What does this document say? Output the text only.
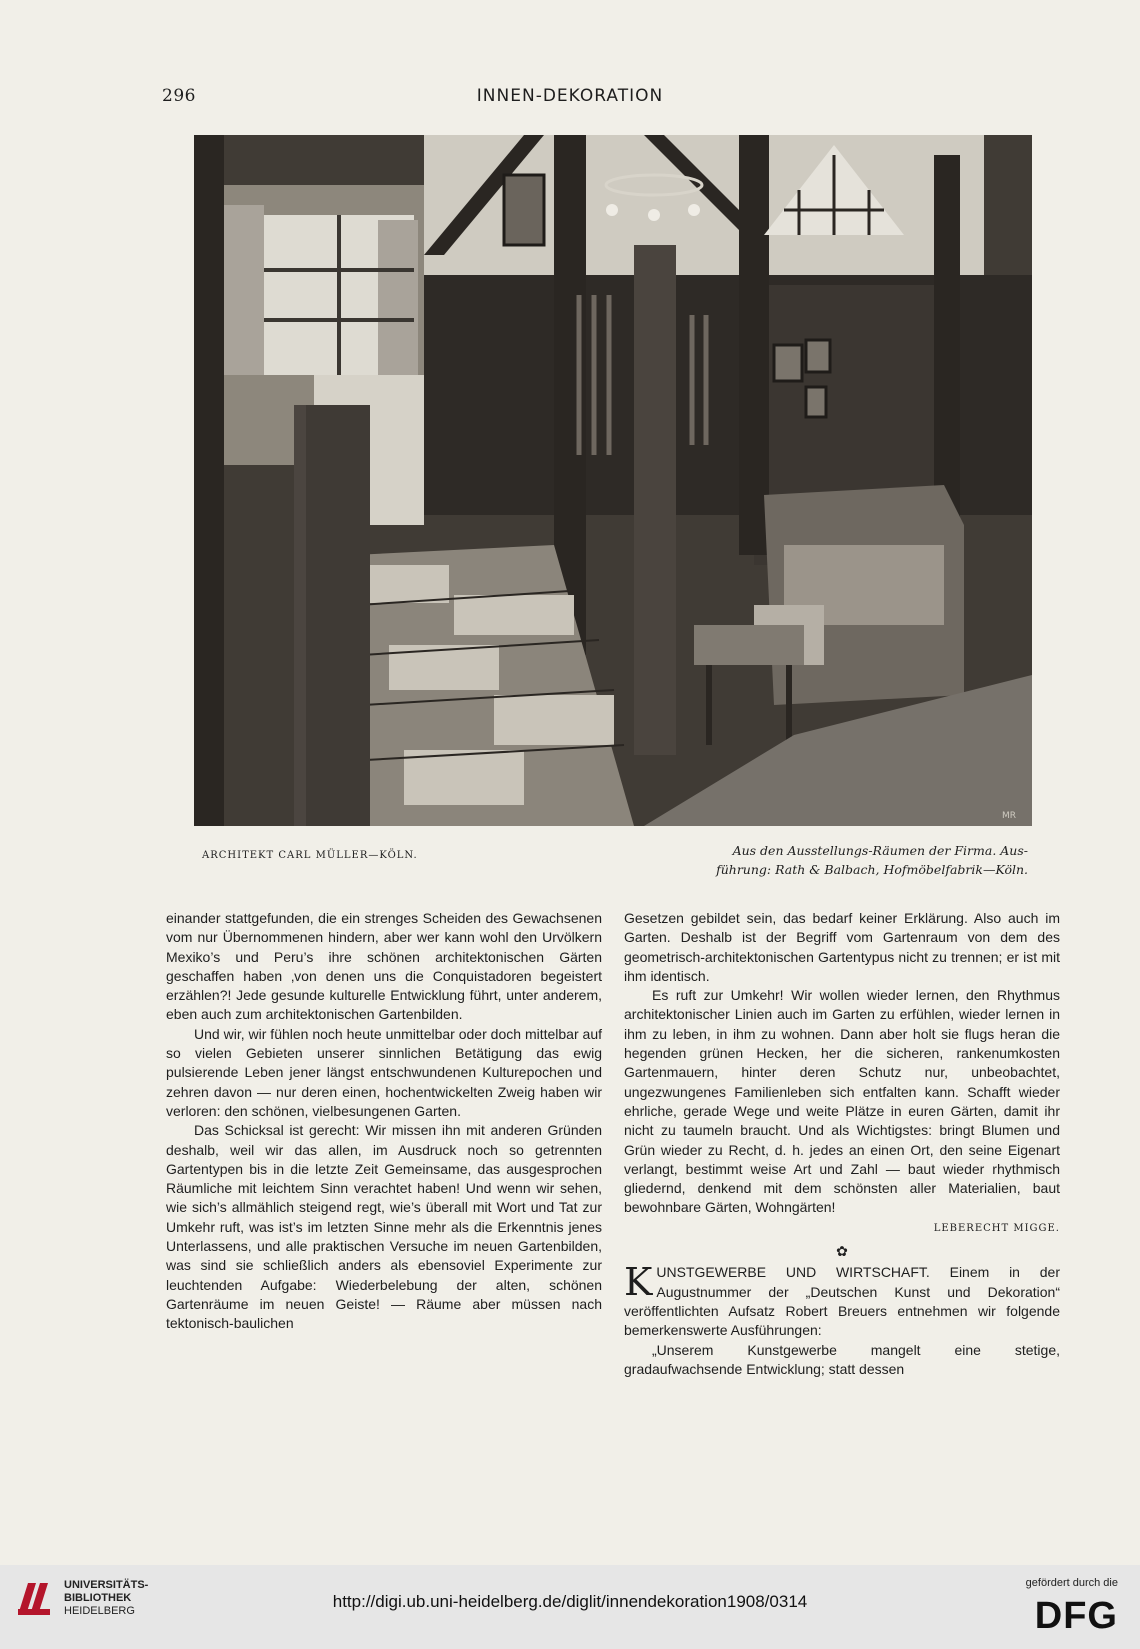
296	INNEN-DEKORATION
MR
ARCHITEKT CARL MÜLLER—KÖLN.	Aus den Ausstellungs-Räumen der Firma. Aus-
führung: Rath & Balbach, Hofmöbelfabrik—Köln.

einander stattgefunden, die ein strenges Scheiden des Gewachsenen vom nur Übernommenen hindern, aber wer kann wohl den Urvölkern Mexiko’s und Peru’s ihre schönen architektonischen Gärten geschaffen haben ‚von denen uns die Conquistadoren begeistert erzählen?! Jede gesunde kulturelle Entwicklung führt, unter anderem, eben auch zum architektonischen Gartenbilden.

Und wir, wir fühlen noch heute unmittelbar oder doch mittelbar auf so vielen Gebieten unserer sinnlichen Betätigung das ewig pulsierende Leben jener längst entschwundenen Kulturepochen und zehren davon — nur deren einen, hochentwickelten Zweig haben wir verloren: den schönen, vielbesungenen Garten.

Das Schicksal ist gerecht: Wir missen ihn mit anderen Gründen deshalb, weil wir das allen, im Ausdruck noch so getrennten Gartentypen bis in die letzte Zeit Gemeinsame, das ausgesprochen Räumliche mit leichtem Sinn verachtet haben! Und wenn wir sehen, wie sich’s allmählich steigend regt, wie’s überall mit Wort und Tat zur Umkehr ruft, was ist’s im letzten Sinne mehr als die Erkenntnis jenes Unterlassens, und alle praktischen Versuche im neuen Gartenbilden, was sind sie schließlich anders als ebensoviel Experimente zur leuchtenden Aufgabe: Wiederbelebung der alten, schönen Gartenräume im neuen Geiste! — Räume aber müssen nach tektonisch-baulichen

Gesetzen gebildet sein, das bedarf keiner Erklärung. Also auch im Garten. Deshalb ist der Begriff vom Gartenraum von dem des geometrisch-architektonischen Gartentypus nicht zu trennen; er ist mit ihm identisch.

Es ruft zur Umkehr! Wir wollen wieder lernen, den Rhythmus architektonischer Linien auch im Garten zu erfühlen, wieder lernen in ihm zu leben, in ihm zu wohnen. Dann aber holt sie flugs heran die hegenden grünen Hecken, her die sicheren, rankenumkosten Gartenmauern, hinter deren Schutz nur, unbeobachtet, ungezwungenes Familienleben sich entfalten kann. Schafft wieder ehrliche, gerade Wege und weite Plätze in euren Gärten, damit ihr nicht zu taumeln braucht. Und als Wichtigstes: bringt Blumen und Grün wieder zu Recht, d. h. jedes an einen Ort, den seine Eigenart verlangt, bestimmt weise Art und Zahl — baut wieder rhythmisch gliedernd, denkend mit dem schönsten aller Materialien, baut bewohnbare Gärten, Wohngärten!

LEBERECHT MIGGE.
✿

KUNSTGEWERBE UND WIRTSCHAFT. Einem in der Augustnummer der „Deutschen Kunst und Dekoration“ veröffentlichten Aufsatz Robert Breuers entnehmen wir folgende bemerkenswerte Ausführungen:

„Unserem Kunstgewerbe mangelt eine stetige, gradaufwachsende Entwicklung; statt dessen

UNIVERSITÄTS-
BIBLIOTHEK
HEIDELBERG	http://digi.ub.uni-heidelberg.de/diglit/innendekoration1908/0314
gefördert durch die
DFG
